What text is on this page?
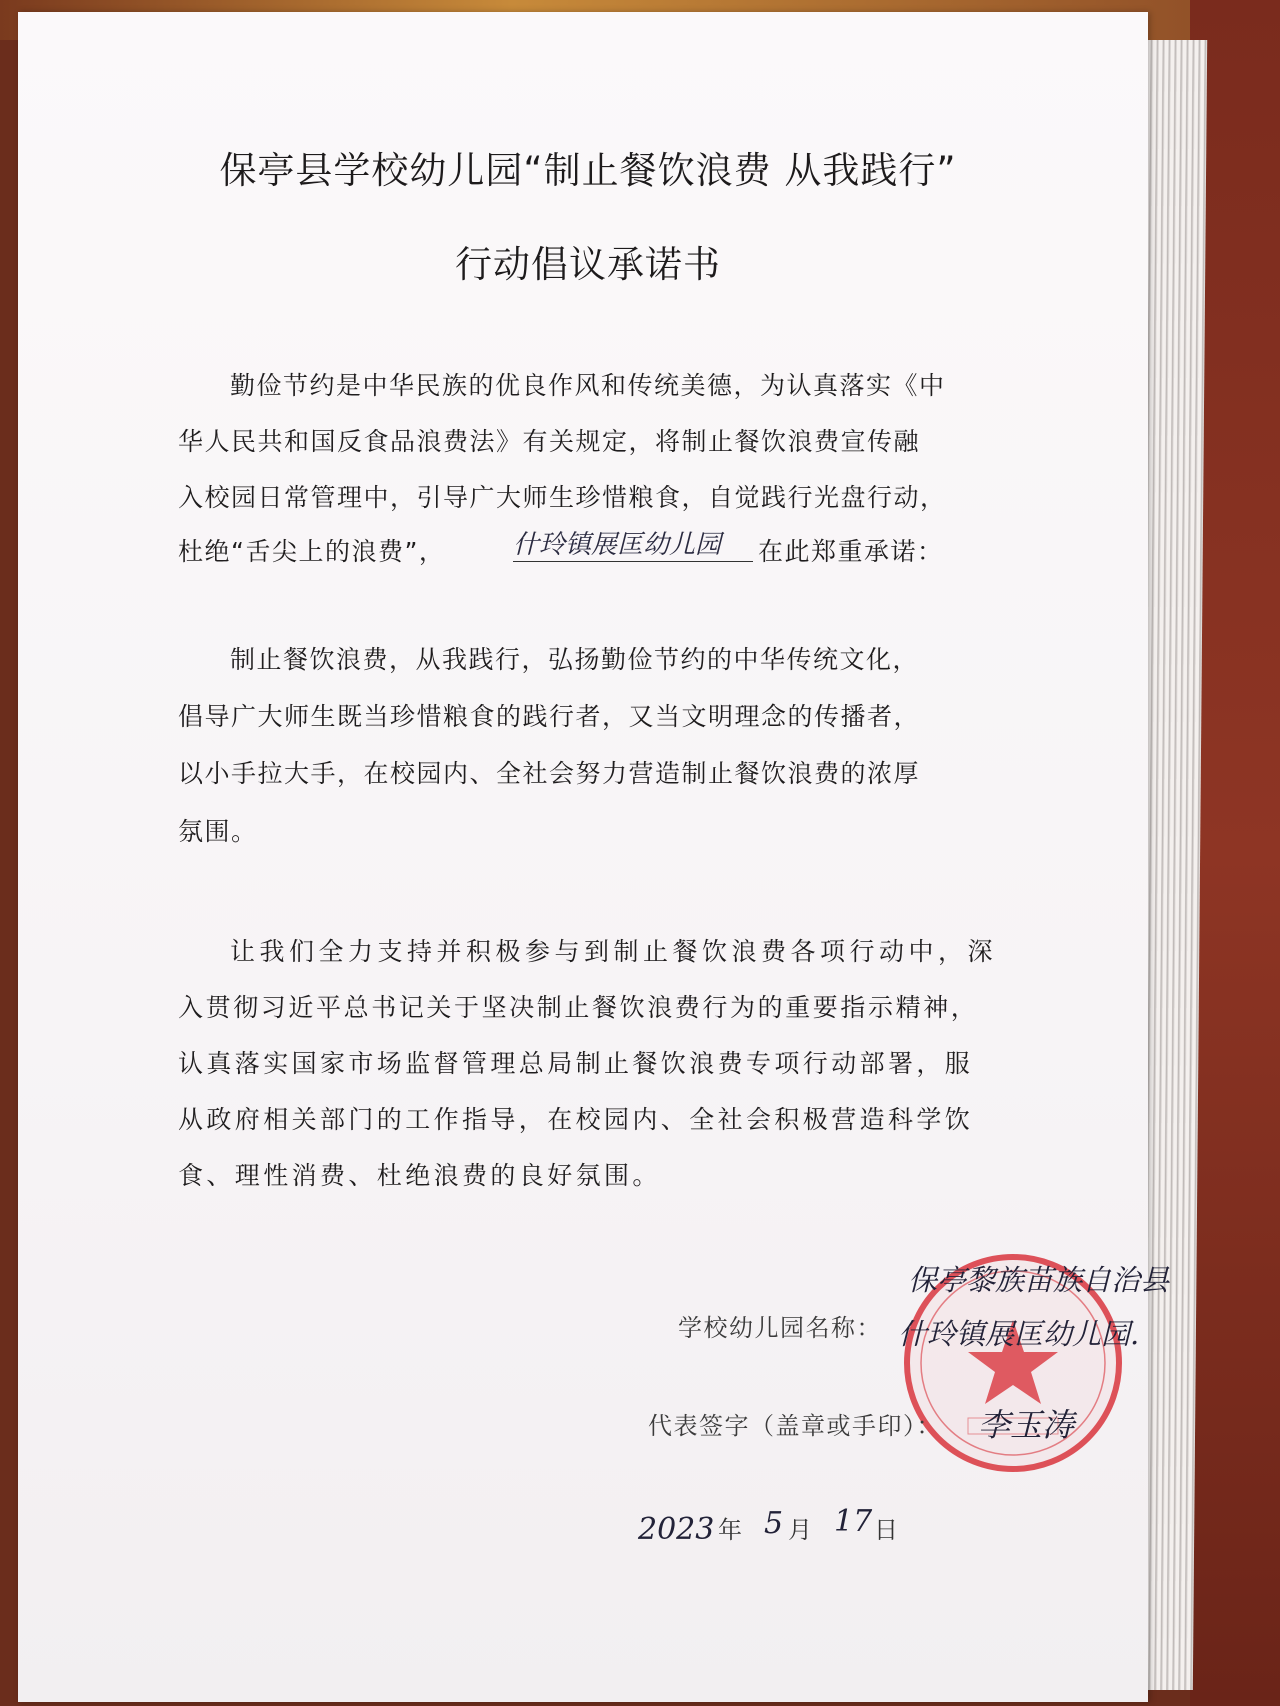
保亭县学校幼儿园“制止餐饮浪费 从我践行”
行动倡议承诺书
勤俭节约是中华民族的优良作风和传统美德，为认真落实《中
华人民共和国反食品浪费法》有关规定，将制止餐饮浪费宣传融
入校园日常管理中，引导广大师生珍惜粮食，自觉践行光盘行动，
杜绝“舌尖上的浪费”，	什玲镇展匡幼儿园	在此郑重承诺：
制止餐饮浪费，从我践行，弘扬勤俭节约的中华传统文化，
倡导广大师生既当珍惜粮食的践行者，又当文明理念的传播者，
以小手拉大手，在校园内、全社会努力营造制止餐饮浪费的浓厚
氛围。
让我们全力支持并积极参与到制止餐饮浪费各项行动中，深
入贯彻习近平总书记关于坚决制止餐饮浪费行为的重要指示精神，
认真落实国家市场监督管理总局制止餐饮浪费专项行动部署，服
从政府相关部门的工作指导，在校园内、全社会积极营造科学饮
食、理性消费、杜绝浪费的良好氛围。
保亭黎族苗族自治县
学校幼儿园名称： 什玲镇展匡幼儿园.
代表签字（盖章或手印）： 李玉涛
2023 年 5 月 17 日
